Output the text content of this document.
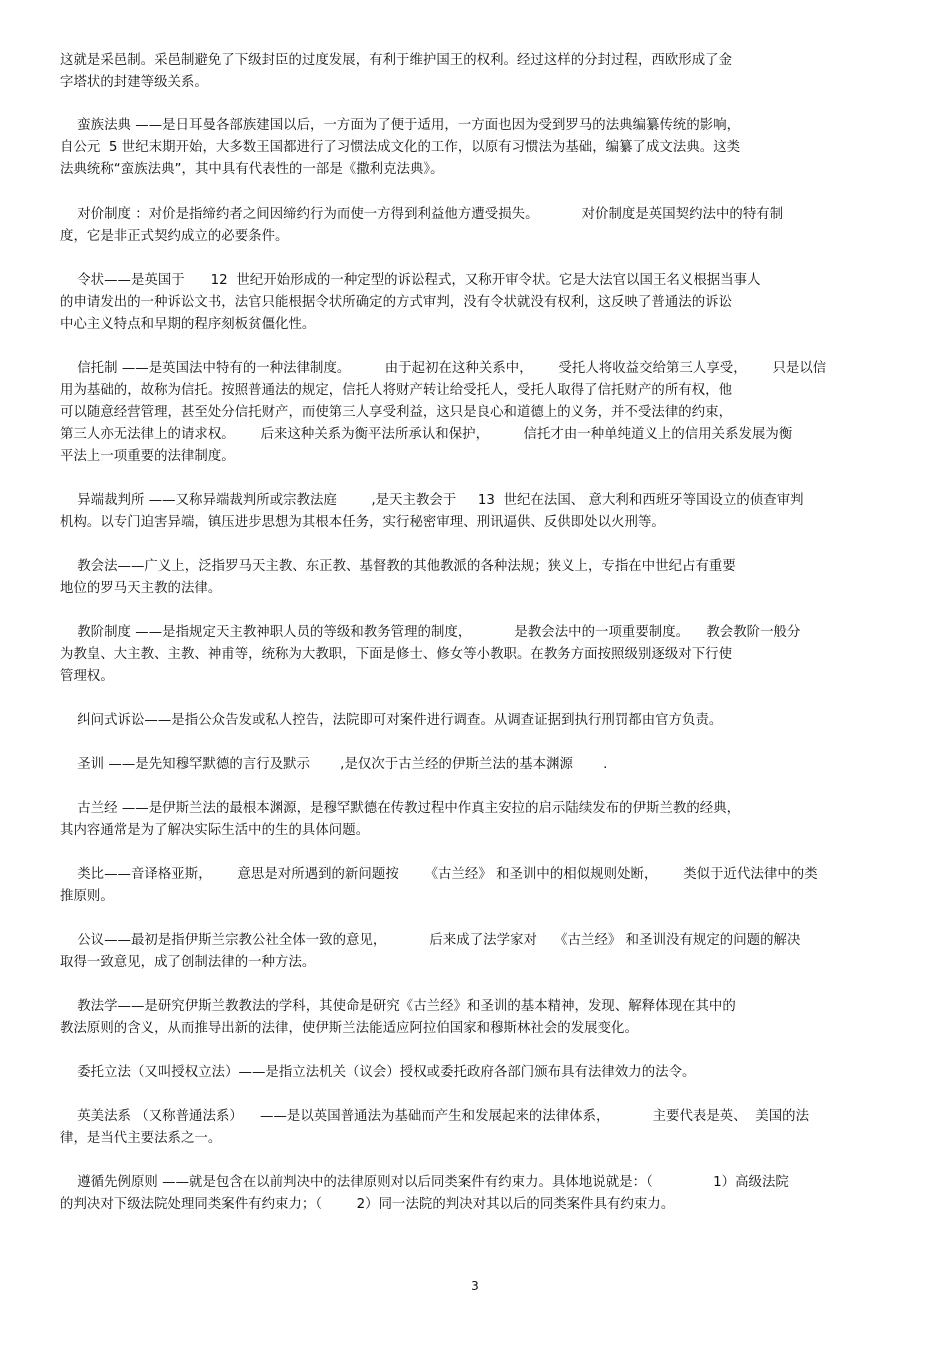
这就是采邑制。采邑制避免了下级封臣的过度发展，有利于维护国王的权利。经过这样的分封过程，西欧形成了金
字塔状的封建等级关系。
蛮族法典 ——是日耳曼各部族建国以后，一方面为了便于适用，一方面也因为受到罗马的法典编纂传统的影响，
自公元  5 世纪末期开始，大多数王国都进行了习惯法成文化的工作，以原有习惯法为基础，编纂了成文法典。这类
法典统称“蛮族法典”，其中具有代表性的一部是《撒利克法典》。
对价制度 ：对价是指缔约者之间因缔约行为而使一方得到利益他方遭受损失。          对价制度是英国契约法中的特有制
度，它是非正式契约成立的必要条件。
令状——是英国于      12  世纪开始形成的一种定型的诉讼程式，又称开审令状。它是大法官以国王名义根据当事人
的申请发出的一种诉讼文书，法官只能根据令状所确定的方式审判，没有令状就没有权利，这反映了普通法的诉讼
中心主义特点和早期的程序刻板贫僵化性。
信托制 ——是英国法中特有的一种法律制度。        由于起初在这种关系中，      受托人将收益交给第三人享受，      只是以信
用为基础的，故称为信托。按照普通法的规定，信托人将财产转让给受托人，受托人取得了信托财产的所有权，他
可以随意经营管理，甚至处分信托财产，而使第三人享受利益，这只是良心和道德上的义务，并不受法律的约束，
第三人亦无法律上的请求权。      后来这种关系为衡平法所承认和保护，        信托才由一种单纯道义上的信用关系发展为衡
平法上一项重要的法律制度。
异端裁判所 ——又称异端裁判所或宗教法庭        ,是天主教会于     13  世纪在法国、 意大利和西班牙等国设立的侦查审判
机构。以专门迫害异端，镇压进步思想为其根本任务，实行秘密审理、刑讯逼供、反供即处以火刑等。
教会法——广义上，泛指罗马天主教、东正教、基督教的其他教派的各种法规；狭义上，专指在中世纪占有重要
地位的罗马天主教的法律。
教阶制度 ——是指规定天主教神职人员的等级和教务管理的制度，          是教会法中的一项重要制度。    教会教阶一般分
为教皇、大主教、主教、神甫等，统称为大教职，下面是修士、修女等小教职。在教务方面按照级别逐级对下行使
管理权。
纠问式诉讼——是指公众告发或私人控告，法院即可对案件进行调查。从调查证据到执行刑罚都由官方负责。
圣训 ——是先知穆罕默德的言行及默示       ,是仅次于古兰经的伊斯兰法的基本渊源       .
古兰经 ——是伊斯兰法的最根本渊源，是穆罕默德在传教过程中作真主安拉的启示陆续发布的伊斯兰教的经典，
其内容通常是为了解决实际生活中的生的具体问题。
类比——音译格亚斯，      意思是对所遇到的新问题按      《古兰经》 和圣训中的相似规则处断，      类似于近代法律中的类
推原则。
公议——最初是指伊斯兰宗教公社全体一致的意见，          后来成了法学家对    《古兰经》 和圣训没有规定的问题的解决
取得一致意见，成了创制法律的一种方法。
教法学——是研究伊斯兰教教法的学科，其使命是研究《古兰经》和圣训的基本精神，发现、解释体现在其中的
教法原则的含义，从而推导出新的法律，使伊斯兰法能适应阿拉伯国家和穆斯林社会的发展变化。
委托立法（又叫授权立法）——是指立法机关（议会）授权或委托政府各部门颁布具有法律效力的法令。
英美法系 （又称普通法系）    ——是以英国普通法为基础而产生和发展起来的法律体系，          主要代表是英、  美国的法
律，是当代主要法系之一。
遵循先例原则 ——就是包含在以前判决中的法律原则对以后同类案件有约束力。具体地说就是：（              1）高级法院
的判决对下级法院处理同类案件有约束力；（        2）同一法院的判决对其以后的同类案件具有约束力。
3
